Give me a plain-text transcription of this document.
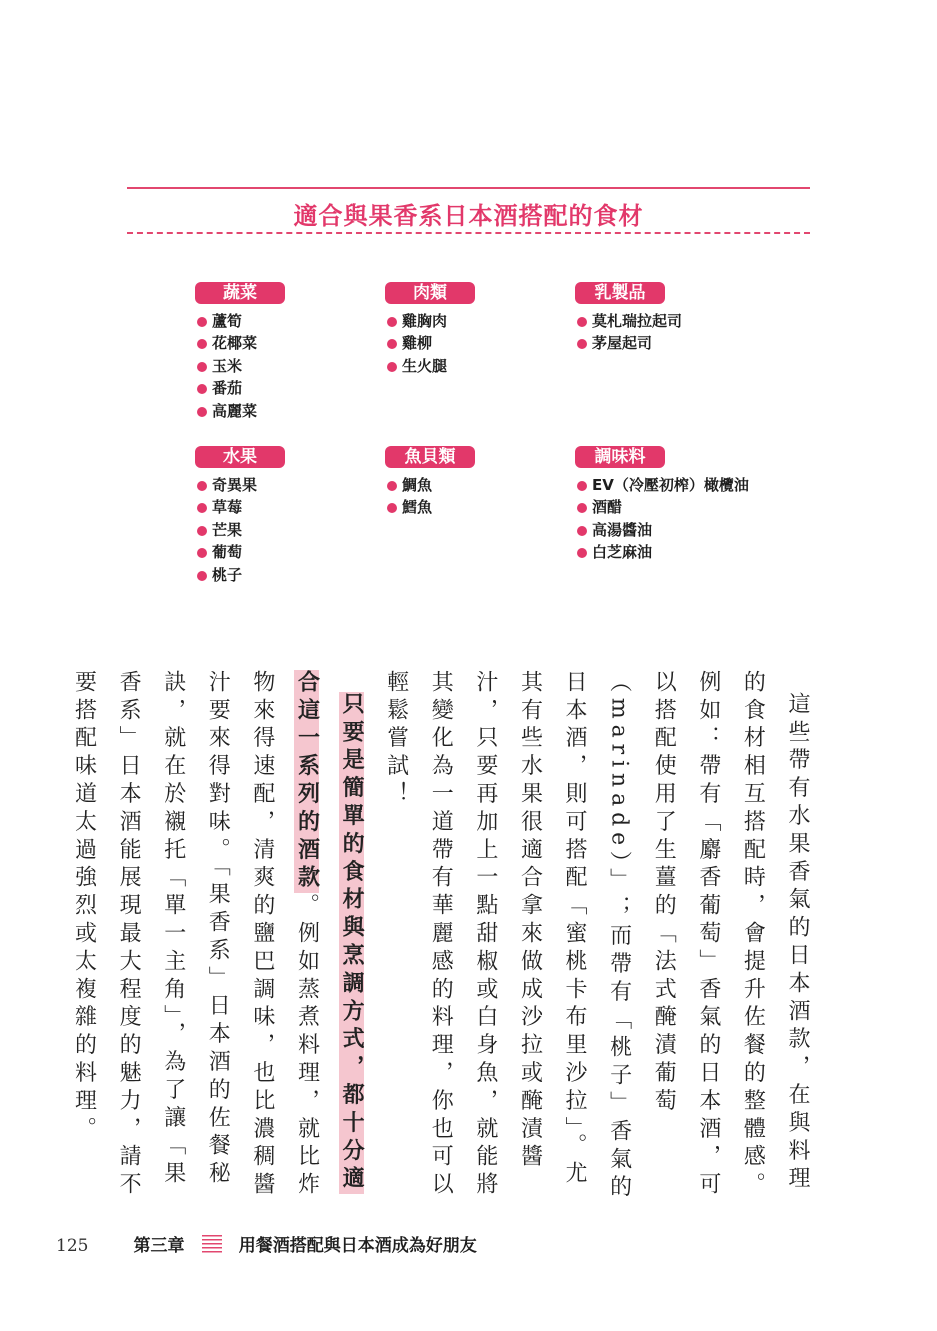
適合與果香系日本酒搭配的食材
蔬菜
蘆筍
花椰菜
玉米
番茄
高麗菜
肉類
雞胸肉
雞柳
生火腿
乳製品
莫札瑞拉起司
茅屋起司
水果
奇異果
草莓
芒果
葡萄
桃子
魚貝類
鯛魚
鱈魚
調味料
EV（冷壓初榨）橄欖油
酒醋
高湯醬油
白芝麻油

這些帶有水果香氣的日本酒款，在與料理的食材相互搭配時，會提升佐餐的整體感。例如：帶有「麝香葡萄」香氣的日本酒，可以搭配使用了生薑的「法式醃漬葡萄（marinade）」；而帶有「桃子」香氣的日本酒，則可搭配「蜜桃卡布里沙拉」。尤其有些水果很適合拿來做成沙拉或醃漬醬汁，只要再加上一點甜椒或白身魚，就能將其變化為一道帶有華麗感的料理，你也可以輕鬆嘗試！

只要是簡單的食材與烹調方式，都十分適合這一系列的酒款。例如蒸煮料理，就比炸物來得速配，清爽的鹽巴調味，也比濃稠醬汁要來得對味。「果香系」日本酒的佐餐秘訣，就在於襯托「單一主角」，為了讓「果香系」日本酒能展現最大程度的魅力，請不要搭配味道太過強烈或太複雜的料理。

125	第三章	用餐酒搭配與日本酒成為好朋友
